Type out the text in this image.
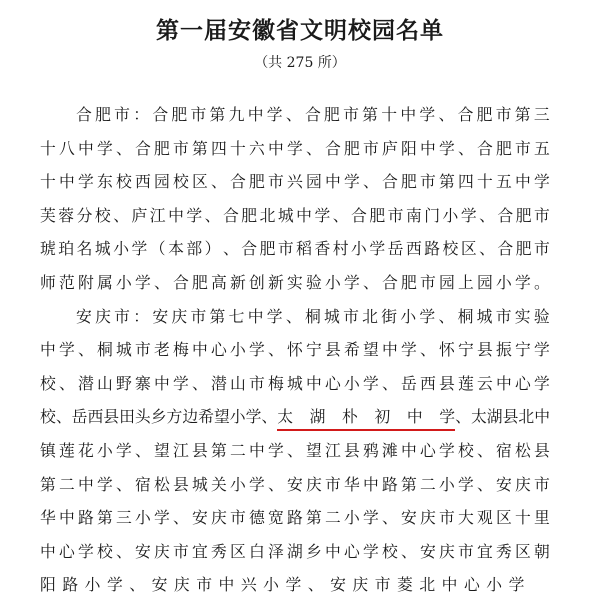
第一届安徽省文明校园名单
（共 275 所）
合 肥 市 ： 合 肥 市 第 九 中 学 、 合 肥 市 第 十 中 学 、 合 肥 市 第 三
十 八 中 学 、 合 肥 市 第 四 十 六 中 学 、 合 肥 市 庐 阳 中 学 、 合 肥 市 五
十 中 学 东 校 西 园 校 区 、 合 肥 市 兴 园 中 学 、 合 肥 市 第 四 十 五 中 学
芙 蓉 分 校 、 庐 江 中 学 、 合 肥 北 城 中 学 、 合 肥 市 南 门 小 学 、 合 肥 市
琥 珀 名 城 小 学 （ 本 部 ） 、 合 肥 市 稻 香 村 小 学 岳 西 路 校 区 、 合 肥 市
师 范 附 属 小 学 、 合 肥 高 新 创 新 实 验 小 学 、 合 肥 市 园 上 园 小 学 。
安 庆 市 ： 安 庆 市 第 七 中 学 、 桐 城 市 北 街 小 学 、 桐 城 市 实 验
中 学 、 桐 城 市 老 梅 中 心 小 学 、 怀 宁 县 希 望 中 学 、 怀 宁 县 振 宁 学
校 、 潜 山 野 寨 中 学 、 潜 山 市 梅 城 中 心 小 学 、 岳 西 县 莲 云 中 心 学
校 、 岳 西 县 田 头 乡 方 边 希 望 小 学 、 太 湖 朴 初 中 学 、 太 湖 县 北 中
镇 莲 花 小 学 、 望 江 县 第 二 中 学 、 望 江 县 鸦 滩 中 心 学 校 、 宿 松 县
第 二 中 学 、 宿 松 县 城 关 小 学 、 安 庆 市 华 中 路 第 二 小 学 、 安 庆 市
华 中 路 第 三 小 学 、 安 庆 市 德 宽 路 第 二 小 学 、 安 庆 市 大 观 区 十 里
中 心 学 校 、 安 庆 市 宜 秀 区 白 泽 湖 乡 中 心 学 校 、 安 庆 市 宜 秀 区 朝
阳 路 小 学 、 安 庆 市 中 兴 小 学 、 安 庆 市 菱 北 中 心 小 学
